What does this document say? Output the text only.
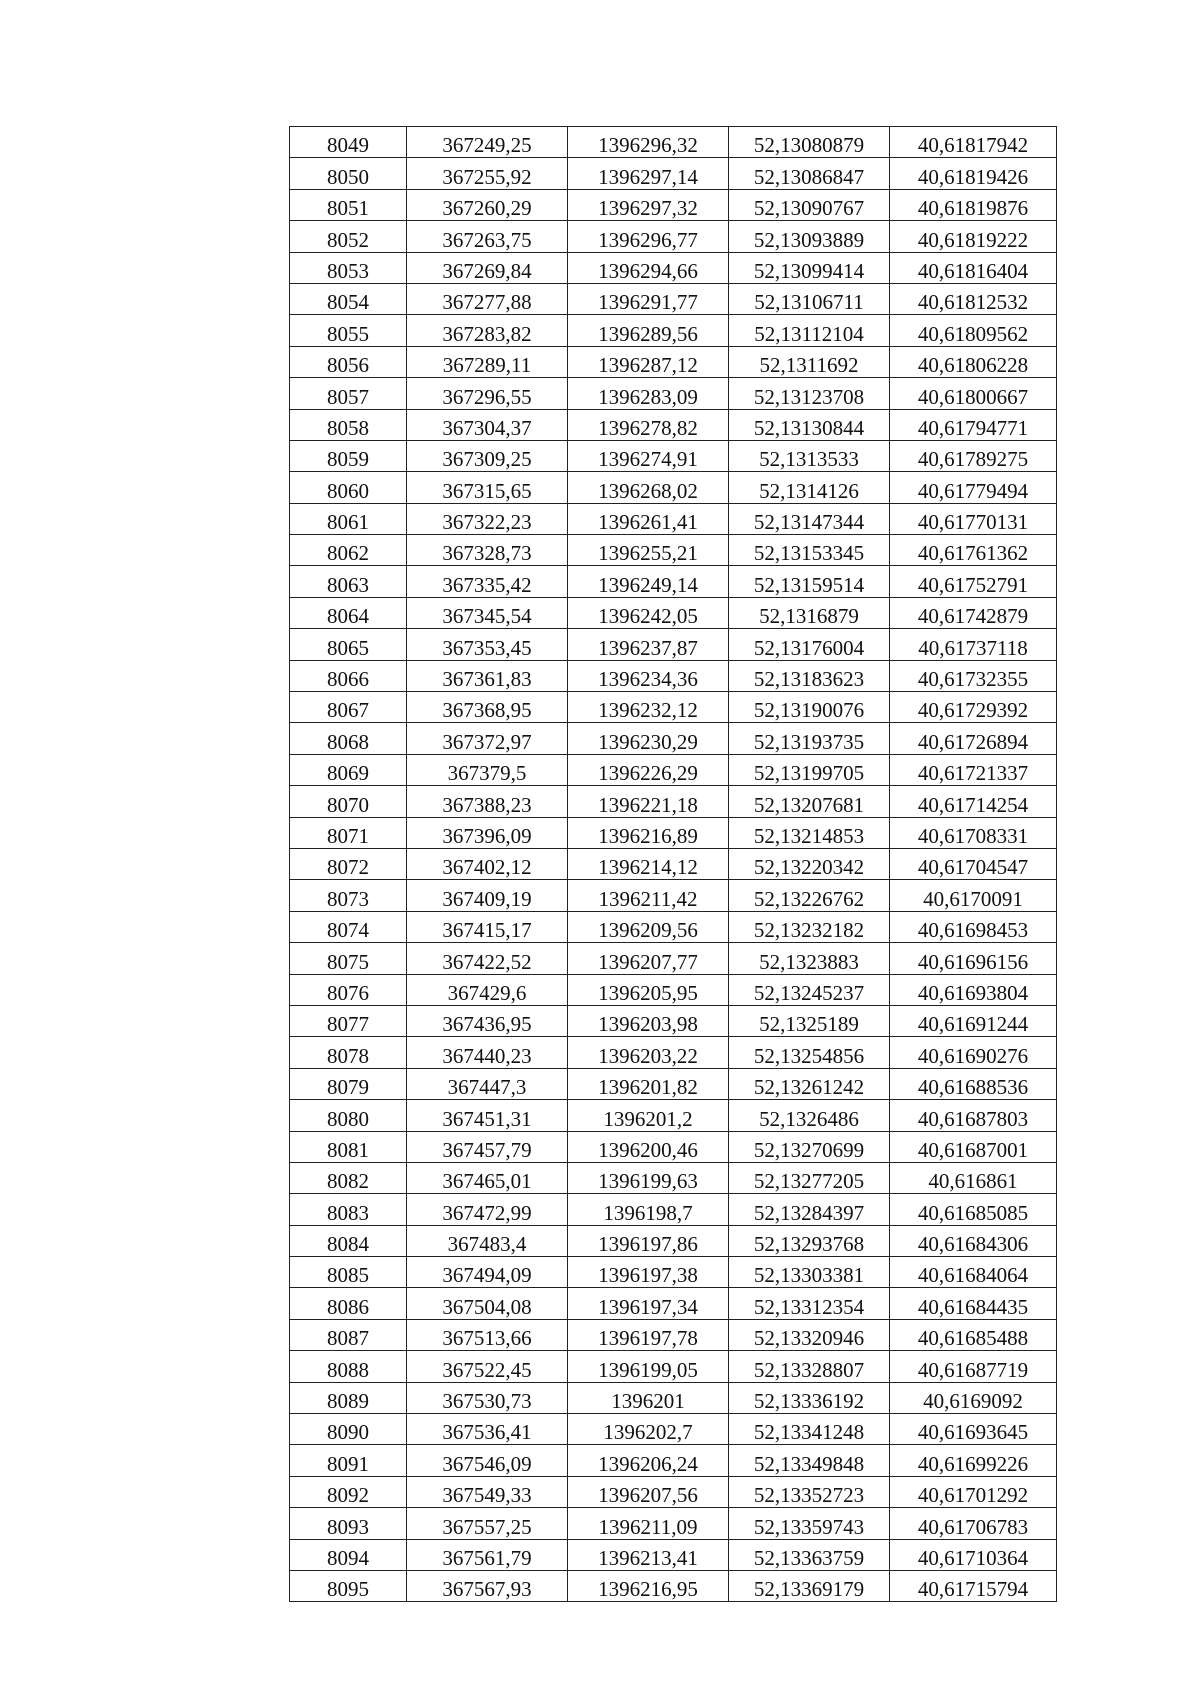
8049	367249,25	1396296,32	52,13080879	40,61817942
8050	367255,92	1396297,14	52,13086847	40,61819426
8051	367260,29	1396297,32	52,13090767	40,61819876
8052	367263,75	1396296,77	52,13093889	40,61819222
8053	367269,84	1396294,66	52,13099414	40,61816404
8054	367277,88	1396291,77	52,13106711	40,61812532
8055	367283,82	1396289,56	52,13112104	40,61809562
8056	367289,11	1396287,12	52,1311692	40,61806228
8057	367296,55	1396283,09	52,13123708	40,61800667
8058	367304,37	1396278,82	52,13130844	40,61794771
8059	367309,25	1396274,91	52,1313533	40,61789275
8060	367315,65	1396268,02	52,1314126	40,61779494
8061	367322,23	1396261,41	52,13147344	40,61770131
8062	367328,73	1396255,21	52,13153345	40,61761362
8063	367335,42	1396249,14	52,13159514	40,61752791
8064	367345,54	1396242,05	52,1316879	40,61742879
8065	367353,45	1396237,87	52,13176004	40,61737118
8066	367361,83	1396234,36	52,13183623	40,61732355
8067	367368,95	1396232,12	52,13190076	40,61729392
8068	367372,97	1396230,29	52,13193735	40,61726894
8069	367379,5	1396226,29	52,13199705	40,61721337
8070	367388,23	1396221,18	52,13207681	40,61714254
8071	367396,09	1396216,89	52,13214853	40,61708331
8072	367402,12	1396214,12	52,13220342	40,61704547
8073	367409,19	1396211,42	52,13226762	40,6170091
8074	367415,17	1396209,56	52,13232182	40,61698453
8075	367422,52	1396207,77	52,1323883	40,61696156
8076	367429,6	1396205,95	52,13245237	40,61693804
8077	367436,95	1396203,98	52,1325189	40,61691244
8078	367440,23	1396203,22	52,13254856	40,61690276
8079	367447,3	1396201,82	52,13261242	40,61688536
8080	367451,31	1396201,2	52,1326486	40,61687803
8081	367457,79	1396200,46	52,13270699	40,61687001
8082	367465,01	1396199,63	52,13277205	40,616861
8083	367472,99	1396198,7	52,13284397	40,61685085
8084	367483,4	1396197,86	52,13293768	40,61684306
8085	367494,09	1396197,38	52,13303381	40,61684064
8086	367504,08	1396197,34	52,13312354	40,61684435
8087	367513,66	1396197,78	52,13320946	40,61685488
8088	367522,45	1396199,05	52,13328807	40,61687719
8089	367530,73	1396201	52,13336192	40,6169092
8090	367536,41	1396202,7	52,13341248	40,61693645
8091	367546,09	1396206,24	52,13349848	40,61699226
8092	367549,33	1396207,56	52,13352723	40,61701292
8093	367557,25	1396211,09	52,13359743	40,61706783
8094	367561,79	1396213,41	52,13363759	40,61710364
8095	367567,93	1396216,95	52,13369179	40,61715794
